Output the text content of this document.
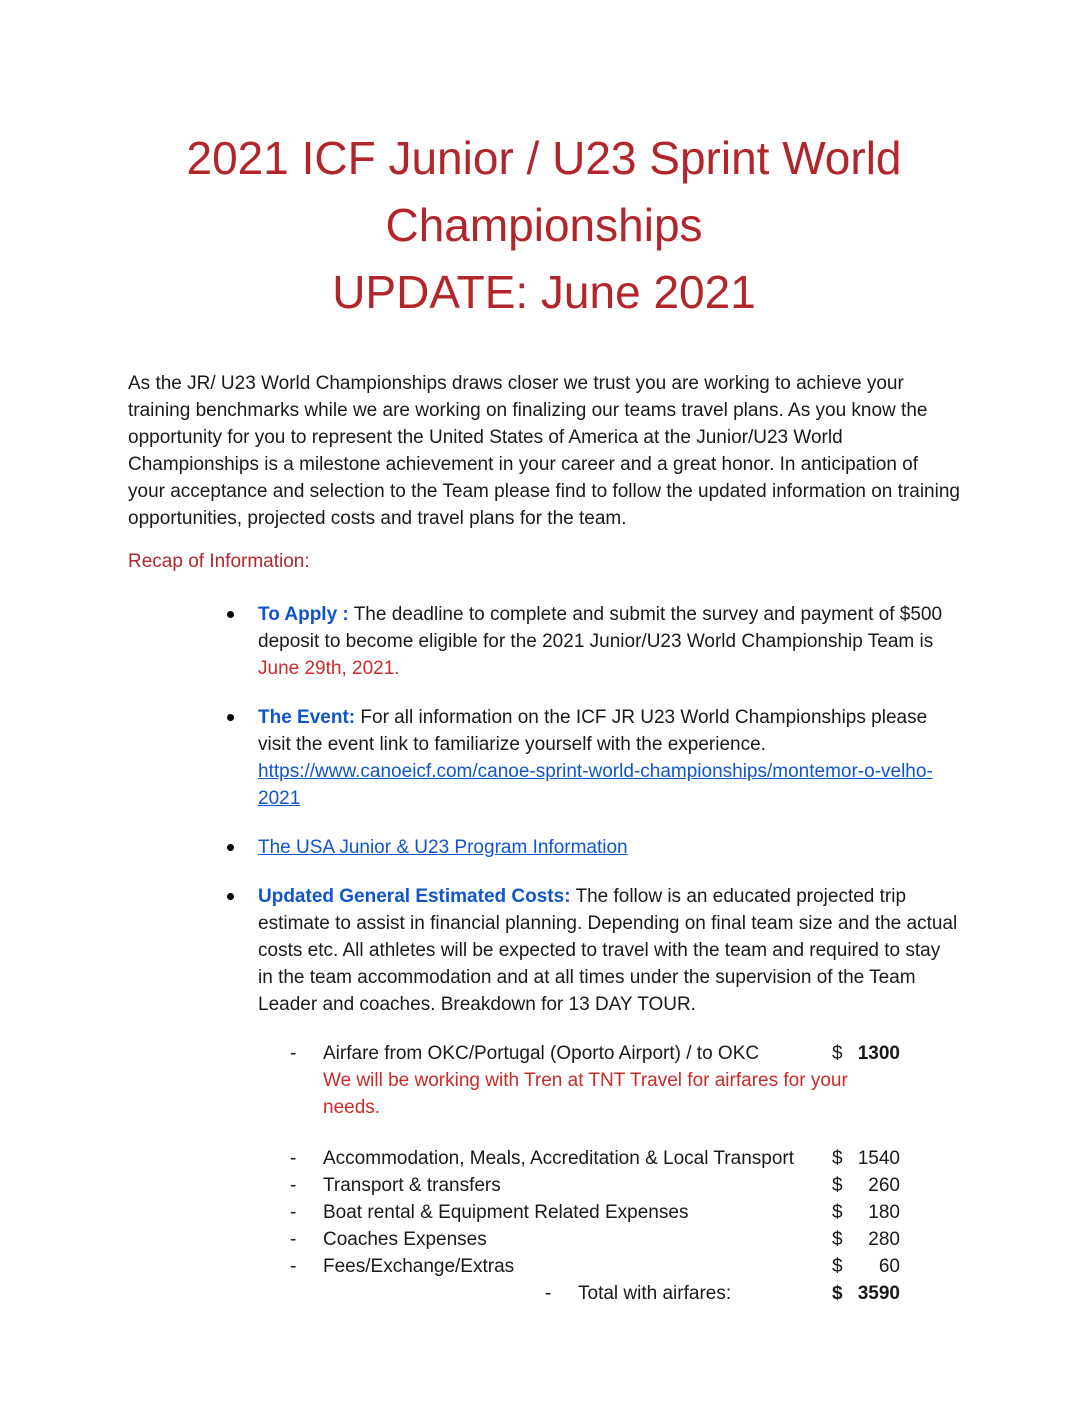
2021 ICF Junior / U23 Sprint World
Championships
UPDATE: June 2021

As the JR/ U23 World Championships draws closer we trust you are working to achieve your training benchmarks while we are working on finalizing our teams travel plans. As you know the opportunity for you to represent the United States of America at the Junior/U23 World Championships is a milestone achievement in your career and a great honor. In anticipation of your acceptance and selection to the Team please find to follow the updated information on training opportunities, projected costs and travel plans for the team.

Recap of Information:

To Apply : The deadline to complete and submit the survey and payment of $500 deposit to become eligible for the 2021 Junior/U23 World Championship Team is June 29th, 2021.
The Event: For all information on the ICF JR U23 World Championships please visit the event link to familiarize yourself with the experience.
https://www.canoeicf.com/canoe-sprint-world-championships/montemor-o-velho-2021
The USA Junior & U23 Program Information
Updated General Estimated Costs: The follow is an educated projected trip estimate to assist in financial planning. Depending on final team size and the actual costs etc. All athletes will be expected to travel with the team and required to stay in the team accommodation and at all times under the supervision of the Team Leader and coaches. Breakdown for 13 DAY TOUR.
-	Airfare from OKC/Portugal (Oporto Airport) / to OKC	$ 1300
We will be working with Tren at TNT Travel for airfares for your needs.
-	Accommodation, Meals, Accreditation & Local Transport	$ 1540
-	Transport & transfers	$ 260
-	Boat rental & Equipment Related Expenses	$ 180
-	Coaches Expenses	$ 280
-	Fees/Exchange/Extras	$ 60
-	Total with airfares:	$ 3590
